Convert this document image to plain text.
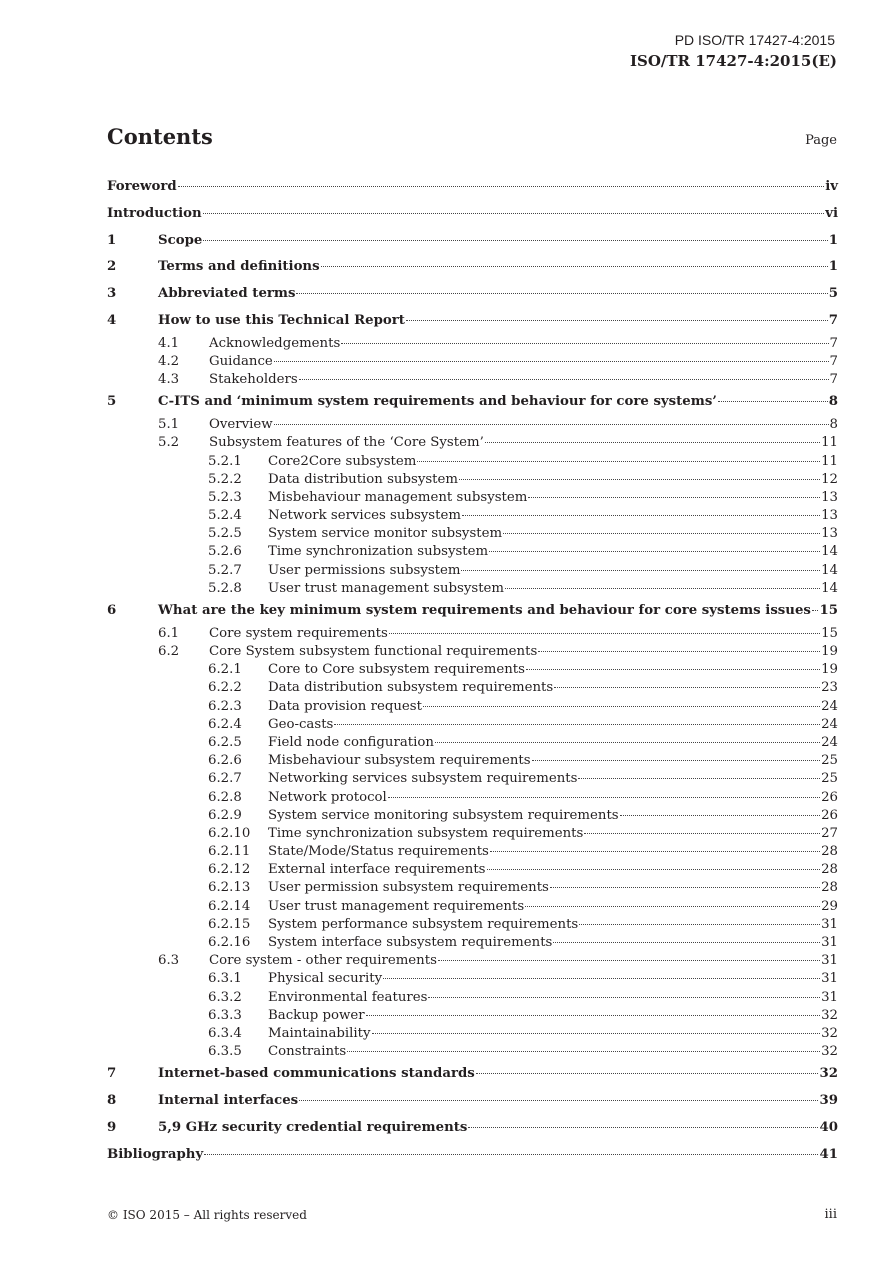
PD ISO/TR 17427-4:2015
ISO/TR 17427-4:2015(E)
Contents	Page
Foreword	iv
Introduction	vi
1	Scope	1
2	Terms and definitions	1
3	Abbreviated terms	5
4	How to use this Technical Report	7
4.1	Acknowledgements	7
4.2	Guidance	7
4.3	Stakeholders	7
5	C-ITS and ‘minimum system requirements and behaviour for core systems’	8
5.1	Overview	8
5.2	Subsystem features of the ‘Core System’	11
5.2.1	Core2Core subsystem	11
5.2.2	Data distribution subsystem	12
5.2.3	Misbehaviour management subsystem	13
5.2.4	Network services subsystem	13
5.2.5	System service monitor subsystem	13
5.2.6	Time synchronization subsystem	14
5.2.7	User permissions subsystem	14
5.2.8	User trust management subsystem	14
6	What are the key minimum system requirements and behaviour for core systems issues 15
6.1	Core system requirements	15
6.2	Core System subsystem functional requirements	19
6.2.1	Core to Core subsystem requirements	19
6.2.2	Data distribution subsystem requirements	23
6.2.3	Data provision request	24
6.2.4	Geo-casts	24
6.2.5	Field node configuration	24
6.2.6	Misbehaviour subsystem requirements	25
6.2.7	Networking services subsystem requirements	25
6.2.8	Network protocol	26
6.2.9	System service monitoring subsystem requirements	26
6.2.10	Time synchronization subsystem requirements	27
6.2.11	State/Mode/Status requirements	28
6.2.12	External interface requirements	28
6.2.13	User permission subsystem requirements	28
6.2.14	User trust management requirements	29
6.2.15	System performance subsystem requirements	31
6.2.16	System interface subsystem requirements	31
6.3	Core system - other requirements	31
6.3.1	Physical security	31
6.3.2	Environmental features	31
6.3.3	Backup power	32
6.3.4	Maintainability	32
6.3.5	Constraints	32
7	Internet-based communications standards	32
8	Internal interfaces	39
9	5,9 GHz security credential requirements	40
Bibliography	41
© ISO 2015 – All rights reserved	iii
